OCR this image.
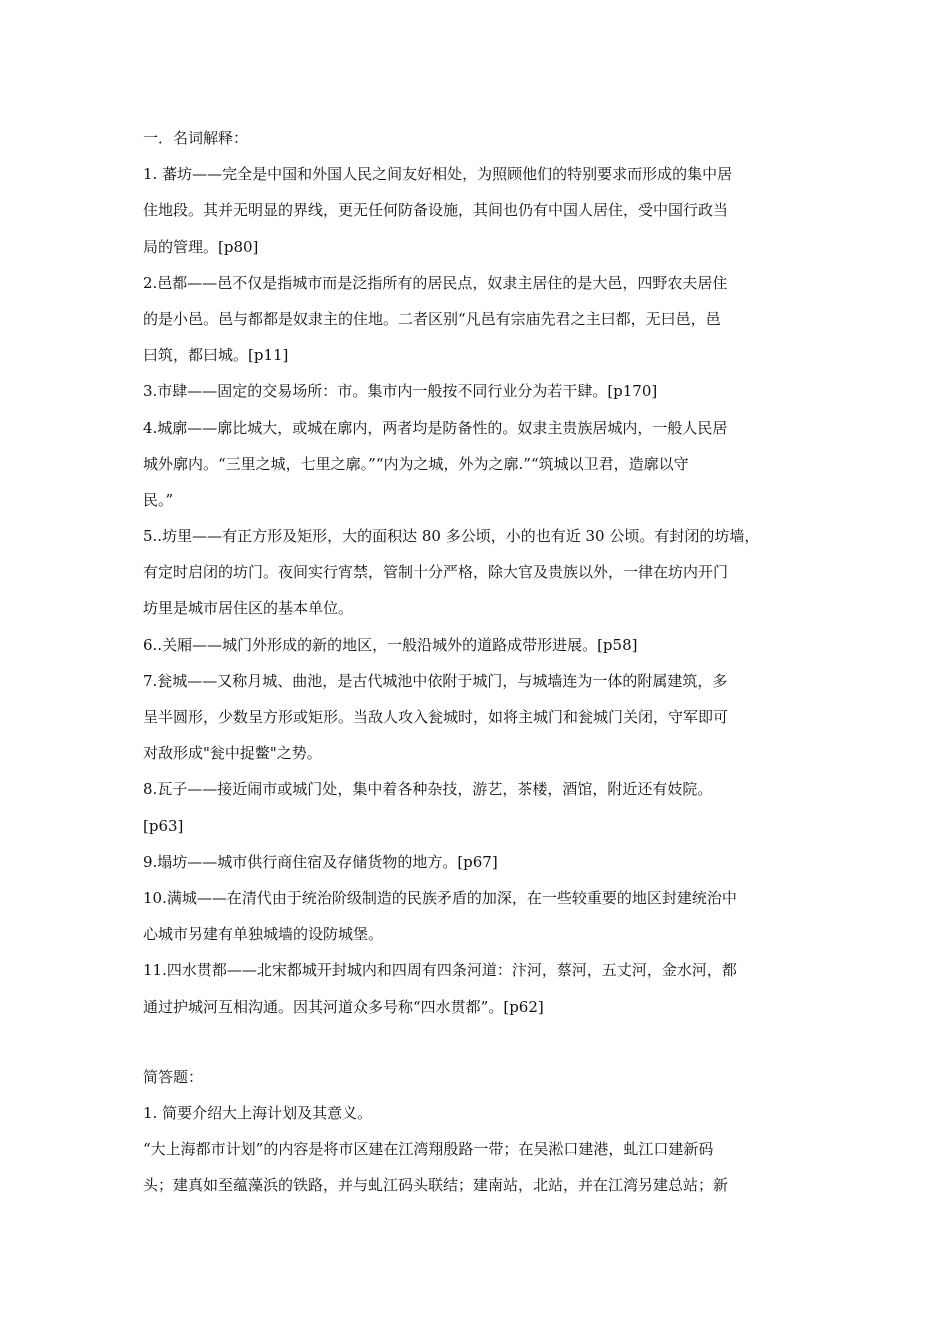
一．名词解释：
1. 蕃坊——完全是中国和外国人民之间友好相处，为照顾他们的特别要求而形成的集中居
住地段。其并无明显的界线，更无任何防备设施，其间也仍有中国人居住，受中国行政当
局的管理。[p80]
2.邑都——邑不仅是指城市而是泛指所有的居民点，奴隶主居住的是大邑，四野农夫居住
的是小邑。邑与都都是奴隶主的住地。二者区别“凡邑有宗庙先君之主曰都，无曰邑，邑
曰筑，都曰城。[p11]
3.市肆——固定的交易场所：市。集市内一般按不同行业分为若干肆。[p170]
4.城廓——廓比城大，或城在廓内，两者均是防备性的。奴隶主贵族居城内，一般人民居
城外廓内。“三里之城，七里之廓。”“内为之城，外为之廓.”“筑城以卫君，造廓以守
民。”
5..坊里——有正方形及矩形，大的面积达 80 多公顷，小的也有近 30 公顷。有封闭的坊墙，
有定时启闭的坊门。夜间实行宵禁，管制十分严格，除大官及贵族以外，一律在坊内开门
坊里是城市居住区的基本单位。
6..关厢——城门外形成的新的地区，一般沿城外的道路成带形进展。[p58]
7.瓮城——又称月城、曲池，是古代城池中依附于城门，与城墙连为一体的附属建筑，多
呈半圆形，少数呈方形或矩形。当敌人攻入瓮城时，如将主城门和瓮城门关闭，守军即可
对敌形成"瓮中捉鳖"之势。
8.瓦子——接近闹市或城门处，集中着各种杂技，游艺，茶楼，酒馆，附近还有妓院。
[p63]
9.塌坊——城市供行商住宿及存储货物的地方。[p67]
10.满城——在清代由于统治阶级制造的民族矛盾的加深，在一些较重要的地区封建统治中
心城市另建有单独城墙的设防城堡。
11.四水贯都——北宋都城开封城内和四周有四条河道：汴河，蔡河，五丈河，金水河，都
通过护城河互相沟通。因其河道众多号称“四水贯都”。[p62]
简答题：
1. 简要介绍大上海计划及其意义。
“大上海都市计划”的内容是将市区建在江湾翔殷路一带；在吴淞口建港，虬江口建新码
头；建真如至蕴藻浜的铁路，并与虬江码头联结；建南站，北站，并在江湾另建总站；新
